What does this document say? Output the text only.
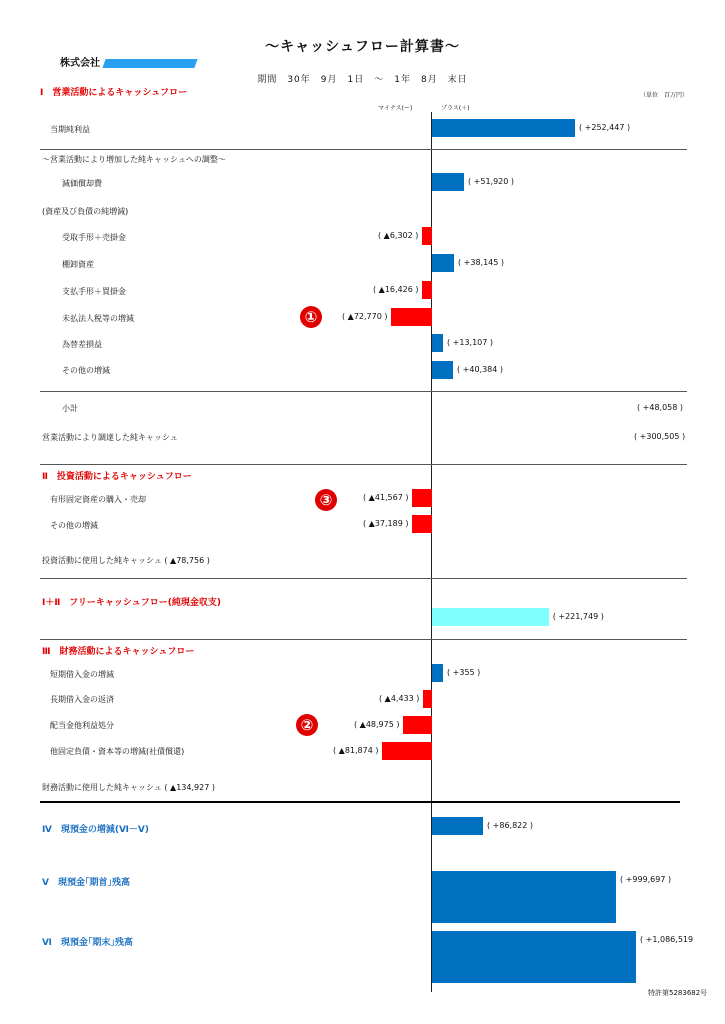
〜キャッシュフロー計算書〜
株式会社
期間　30年　9月　1日　〜　1年　8月　末日
（単位　百万円）
マイナス(ー)	プラス(＋)
Ⅰ　営業活動によるキャッシュフロー
当期純利益
〜営業活動により増加した純キャッシュへの調整〜
減価償却費
(資産及び負債の純増減)
受取手形＋売掛金
棚卸資産
支払手形＋買掛金
未払法人税等の増減
為替差損益
その他の増減
小計
営業活動により調達した純キャッシュ
( +48,058 )
( +300,505 )
Ⅱ　投資活動によるキャッシュフロー
有形固定資産の購入・売却
その他の増減
投資活動に使用した純キャッシュ ( ▲78,756 )
Ⅰ＋Ⅱ　フリーキャッシュフロー(純現金収支)
Ⅲ　財務活動によるキャッシュフロー
短期借入金の増減
長期借入金の返済
配当金他利益処分
他固定負債・資本等の増減(社債償還)
財務活動に使用した純キャッシュ ( ▲134,927 )
Ⅳ　現預金の増減(Ⅵ－Ⅴ)
Ⅴ　現預金｢期首｣残高
Ⅵ　現預金｢期末｣残高
①
②
③
特許第5283682号
( +252,447 )
( +51,920 )
( ▲6,302 )
( +38,145 )
( ▲16,426 )
( ▲72,770 )
( +13,107 )
( +40,384 )
( ▲41,567 )
( ▲37,189 )
( +355 )
( ▲4,433 )
( ▲48,975 )
( ▲81,874 )
( +86,822 )
( +999,697 )
( +1,086,519
( +221,749 )
